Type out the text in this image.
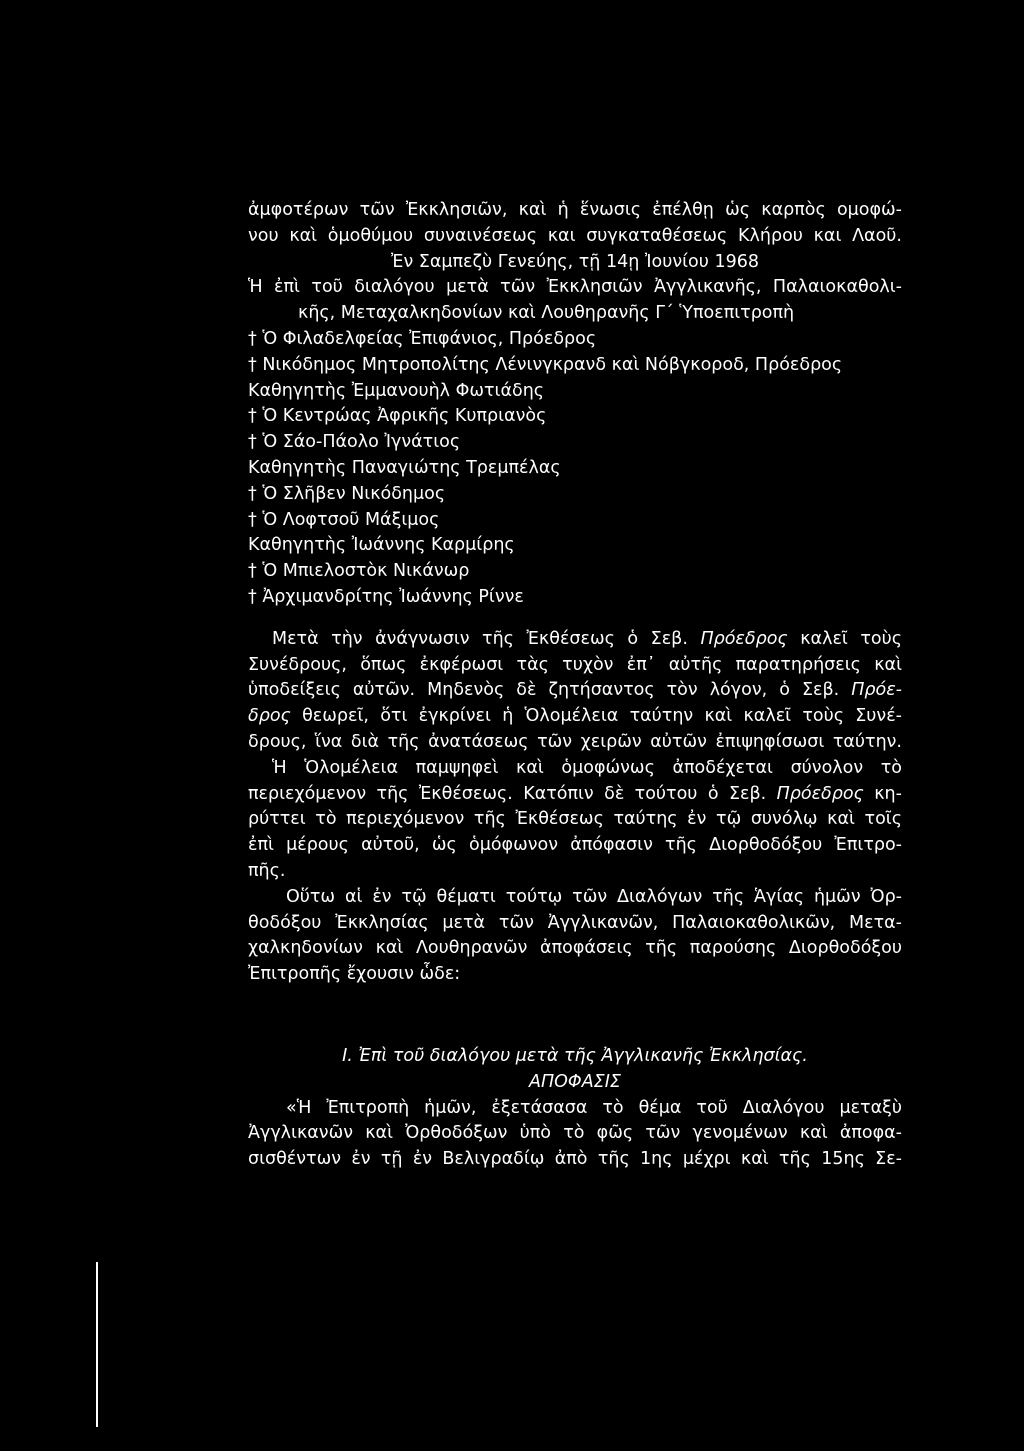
ἀμφοτέρων τῶν Ἐκκλησιῶν, καὶ ἡ ἕνωσις ἐπέλθῃ ὡς καρπὸς ομοφώ-
νου καὶ ὁμοθύμου συναινέσεως και συγκαταθέσεως Κλήρου και Λαοῦ.
Ἐν Σαμπεζὺ Γενεύης, τῇ 14ῃ Ἰουνίου 1968
Ἡ ἐπὶ τοῦ διαλόγου μετὰ τῶν Ἐκκλησιῶν Ἀγγλικανῆς, Παλαιοκαθολι-
κῆς, Μεταχαλκηδονίων καὶ Λουθηρανῆς Γ´ Ὑποεπιτροπὴ
† Ὁ Φιλαδελφείας Ἐπιφάνιος, Πρόεδρος
† Νικόδημος Μητροπολίτης Λένινγκρανδ καὶ Νόβγκοροδ, Πρόεδρος
Καθηγητὴς Ἐμμανουὴλ Φωτιάδης
† Ὁ Κεντρώας Ἀφρικῆς Κυπριανὸς
† Ὁ Σάο-Πάολο Ἰγνάτιος
Καθηγητὴς Παναγιώτης Τρεμπέλας
† Ὁ Σλῆβεν Νικόδημος
† Ὁ Λοφτσοῦ Μάξιμος
Καθηγητὴς Ἰωάννης Καρμίρης
† Ὁ Μπιελοστὸκ Νικάνωρ
† Ἀρχιμανδρίτης Ἰωάννης Ρίννε
Μετὰ τὴν ἀνάγνωσιν τῆς Ἐκθέσεως ὁ Σεβ. Πρόεδρος καλεῖ τοὺς
Συνέδρους, ὅπως ἐκφέρωσι τὰς τυχὸν ἐπ᾽ αὐτῆς παρατηρήσεις καὶ
ὑποδείξεις αὐτῶν. Μηδενὸς δὲ ζητήσαντος τὸν λόγον, ὁ Σεβ. Πρόε-
δρος θεωρεῖ, ὅτι ἐγκρίνει ἡ Ὁλομέλεια ταύτην καὶ καλεῖ τοὺς Συνέ-
δρους, ἵνα διὰ τῆς ἀνατάσεως τῶν χειρῶν αὐτῶν ἐπιψηφίσωσι ταύτην.
Ἡ Ὁλομέλεια παμψηφεὶ καὶ ὁμοφώνως ἀποδέχεται σύνολον τὸ
περιεχόμενον τῆς Ἐκθέσεως. Κατόπιν δὲ τούτου ὁ Σεβ. Πρόεδρος κη-
ρύττει τὸ περιεχόμενον τῆς Ἐκθέσεως ταύτης ἐν τῷ συνόλῳ καὶ τοῖς
ἐπὶ μέρους αὐτοῦ, ὡς ὁμόφωνον ἀπόφασιν τῆς Διορθοδόξου Ἐπιτρο-
πῆς.
Οὕτω αἱ ἐν τῷ θέματι τούτῳ τῶν Διαλόγων τῆς Ἁγίας ἡμῶν Ὀρ-
θοδόξου Ἐκκλησίας μετὰ τῶν Ἀγγλικανῶν, Παλαιοκαθολικῶν, Μετα-
χαλκηδονίων καὶ Λουθηρανῶν ἀποφάσεις τῆς παρούσης Διορθοδόξου
Ἐπιτροπῆς ἔχουσιν ὧδε:
I. Ἐπὶ τοῦ διαλόγου μετὰ τῆς Ἀγγλικανῆς Ἐκκλησίας.
ΑΠΟΦΑΣΙΣ
«Ἡ Ἐπιτροπὴ ἡμῶν, ἐξετάσασα τὸ θέμα τοῦ Διαλόγου μεταξὺ
Ἀγγλικανῶν καὶ Ὀρθοδόξων ὑπὸ τὸ φῶς τῶν γενομένων καὶ ἀποφα-
σισθέντων ἐν τῇ ἐν Βελιγραδίῳ ἀπὸ τῆς 1ης μέχρι καὶ τῆς 15ης Σε-
